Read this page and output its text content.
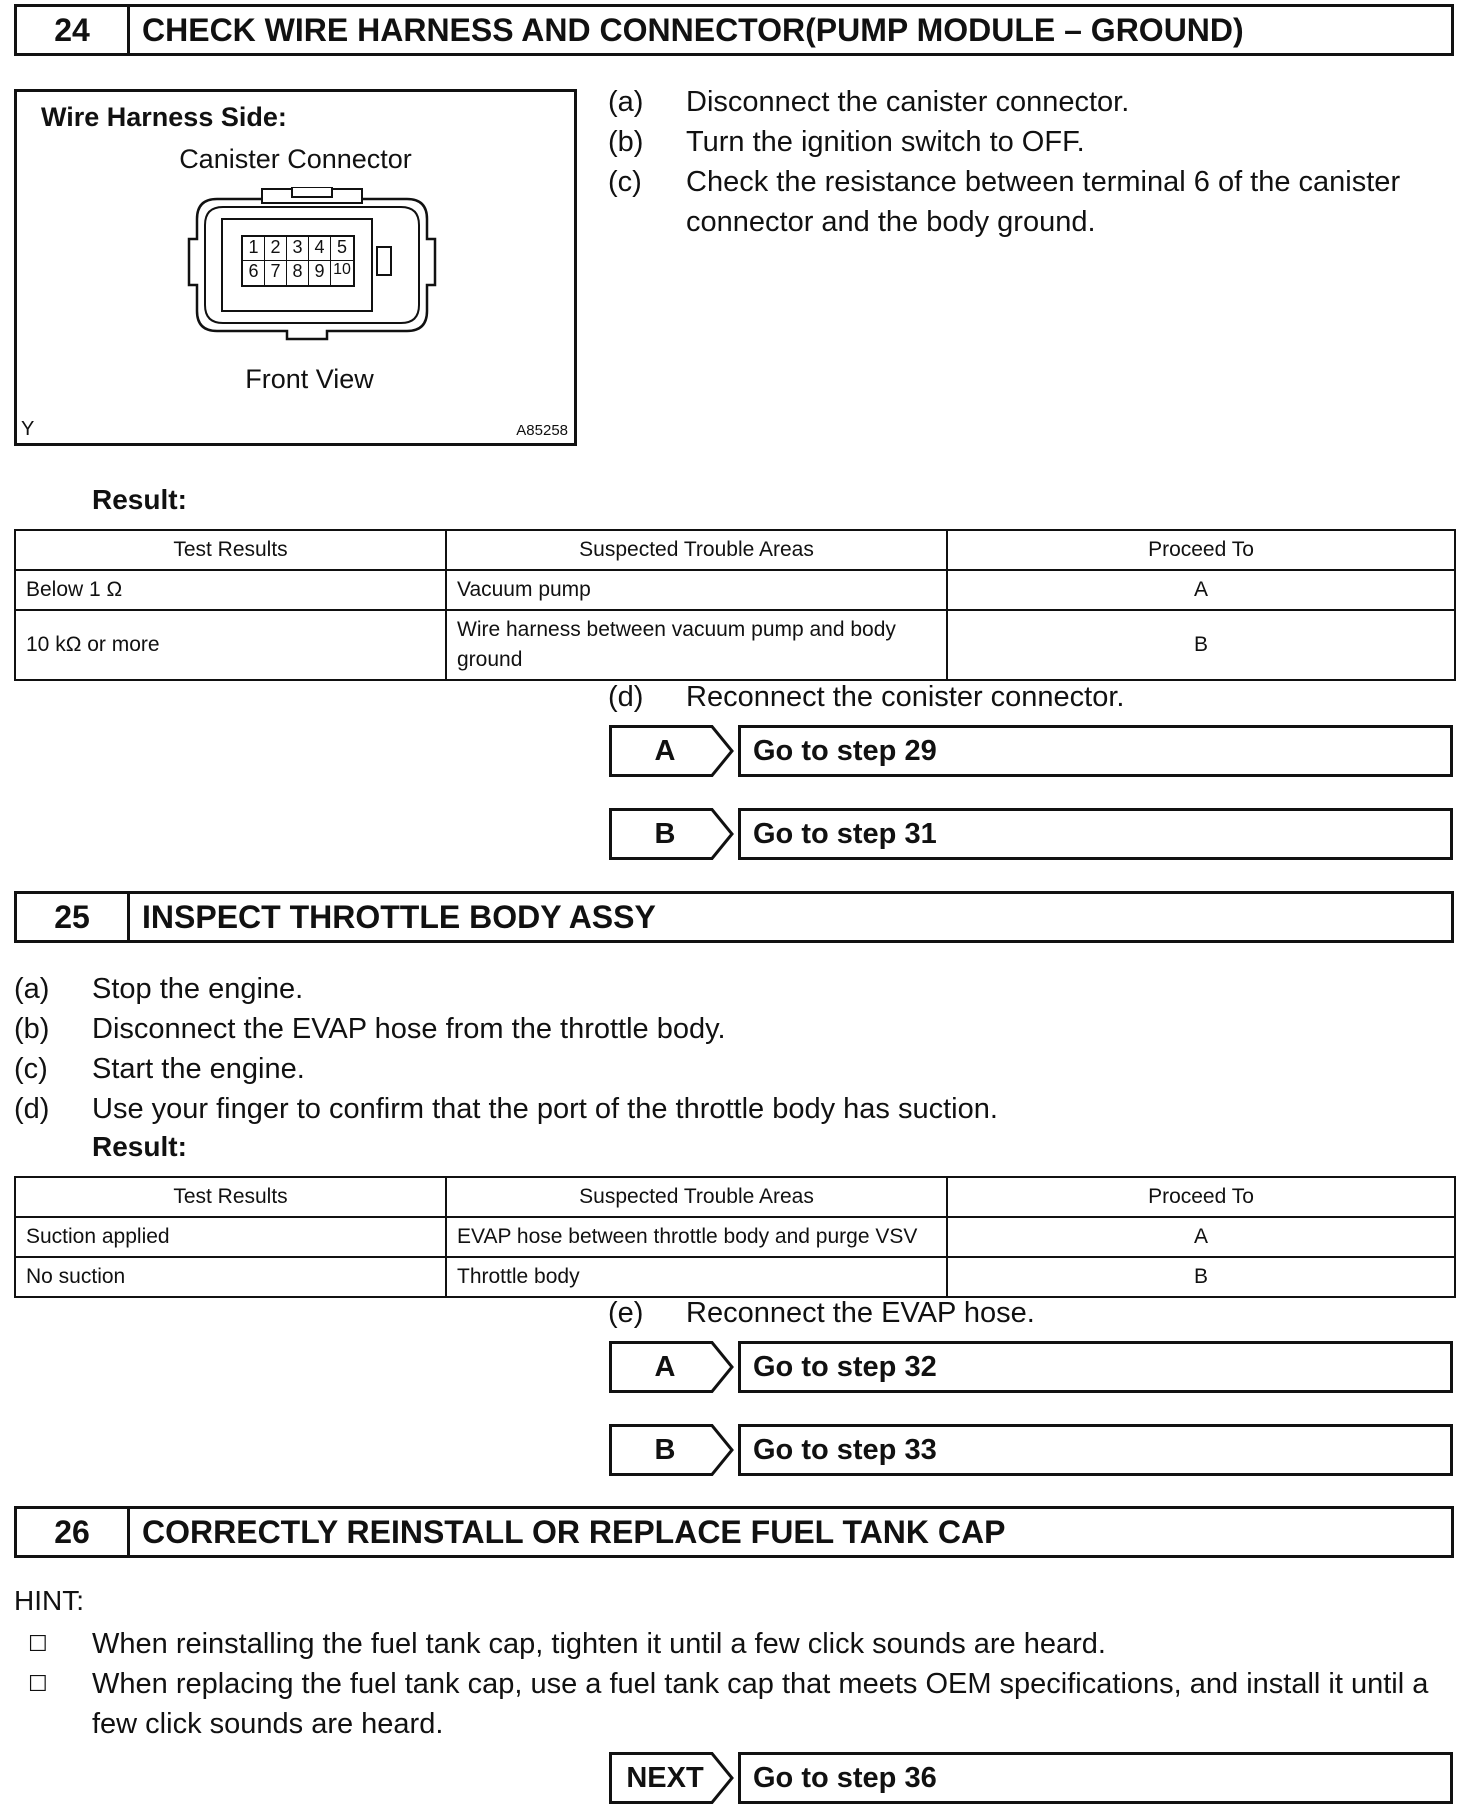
24	CHECK WIRE HARNESS AND CONNECTOR(PUMP MODULE – GROUND)
Wire Harness Side:
Canister Connector
1 2 3 4 5
6 7 8 9 10
Front View
Y	A85258
(a)	Disconnect the canister connector.
(b)	Turn the ignition switch to OFF.
(c)	Check the resistance between terminal 6 of the canister connector and the body ground.
Result:
Test Results	Suspected Trouble Areas	Proceed To
Below 1 Ω	Vacuum pump	A
10 kΩ or more	Wire harness between vacuum pump and body ground	B
(d)	Reconnect the conister connector.
A	Go to step 29
B	Go to step 31
25	INSPECT THROTTLE BODY ASSY
(a)	Stop the engine.
(b)	Disconnect the EVAP hose from the throttle body.
(c)	Start the engine.
(d)	Use your finger to confirm that the port of the throttle body has suction.
Result:
Test Results	Suspected Trouble Areas	Proceed To
Suction applied	EVAP hose between throttle body and purge VSV	A
No suction	Throttle body	B
(e)	Reconnect the EVAP hose.
A	Go to step 32
B	Go to step 33
26	CORRECTLY REINSTALL OR REPLACE FUEL TANK CAP
HINT:
☐	When reinstalling the fuel tank cap, tighten it until a few click sounds are heard.
☐	When replacing the fuel tank cap, use a fuel tank cap that meets OEM specifications, and install it until a few click sounds are heard.
NEXT	Go to step 36
